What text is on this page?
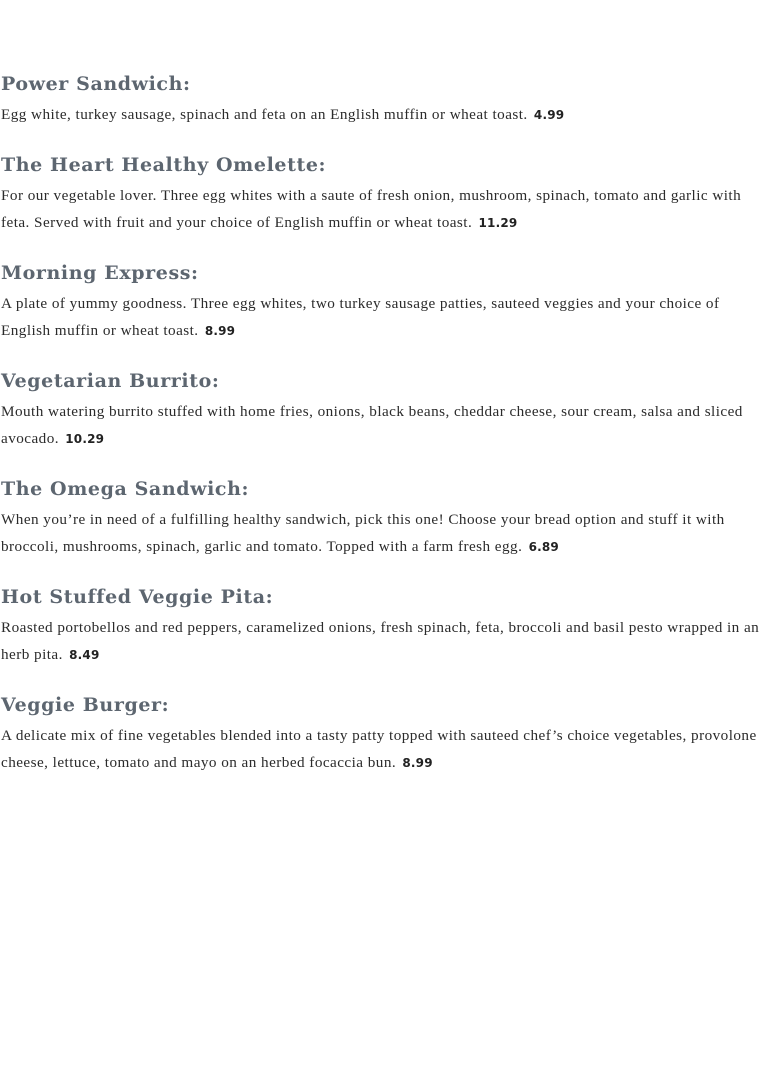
Power Sandwich:

Egg white, turkey sausage, spinach and feta on an English muffin or wheat toast. 4.99

The Heart Healthy Omelette:

For our vegetable lover. Three egg whites with a saute of fresh onion, mushroom, spinach, tomato and garlic with feta. Served with fruit and your choice of English muffin or wheat toast. 11.29

Morning Express:

A plate of yummy goodness. Three egg whites, two turkey sausage patties, sauteed veggies and your choice of English muffin or wheat toast. 8.99

Vegetarian Burrito:

Mouth watering burrito stuffed with home fries, onions, black beans, cheddar cheese, sour cream, salsa and sliced avocado. 10.29

The Omega Sandwich:

When you’re in need of a fulfilling healthy sandwich, pick this one! Choose your bread option and stuff it with broccoli, mushrooms, spinach, garlic and tomato. Topped with a farm fresh egg. 6.89

Hot Stuffed Veggie Pita:

Roasted portobellos and red peppers, caramelized onions, fresh spinach, feta, broccoli and basil pesto wrapped in an herb pita. 8.49

Veggie Burger:

A delicate mix of fine vegetables blended into a tasty patty topped with sauteed chef’s choice vegetables, provolone cheese, lettuce, tomato and mayo on an herbed focaccia bun. 8.99
